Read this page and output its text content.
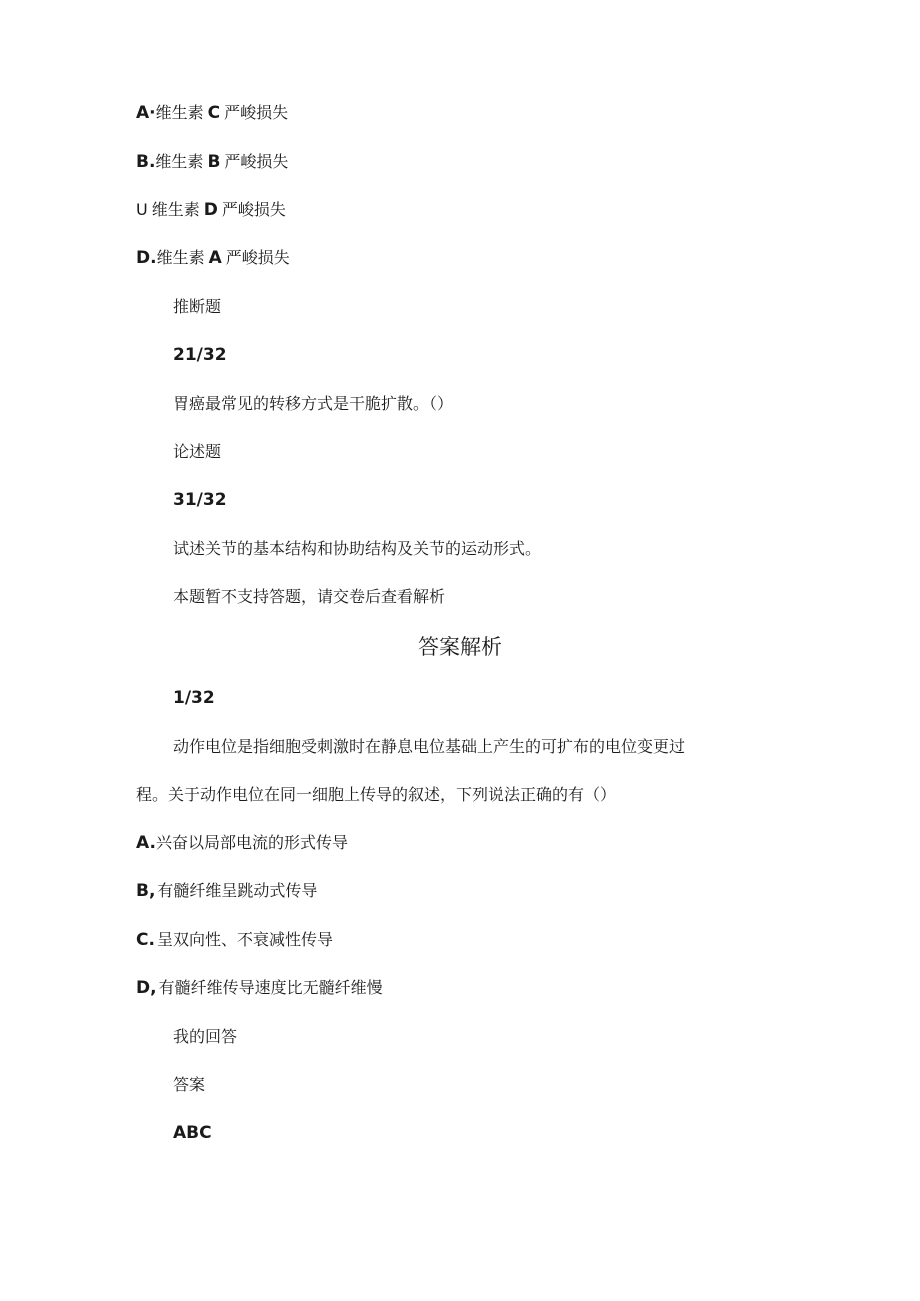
A·维生素 C 严峻损失
B.维生素 B 严峻损失
U 维生素 D 严峻损失
D.维生素 A 严峻损失
推断题
21/32
胃癌最常见的转移方式是干脆扩散。（）
论述题
31/32
试述关节的基本结构和协助结构及关节的运动形式。
本题暂不支持答题，请交卷后查看解析
答案解析
1/32
动作电位是指细胞受刺激时在静息电位基础上产生的可扩布的电位变更过
程。关于动作电位在同一细胞上传导的叙述，下列说法正确的有（）
A.兴奋以局部电流的形式传导
B, 有髓纤维呈跳动式传导
C. 呈双向性、不衰减性传导
D, 有髓纤维传导速度比无髓纤维慢
我的回答
答案
ABC
